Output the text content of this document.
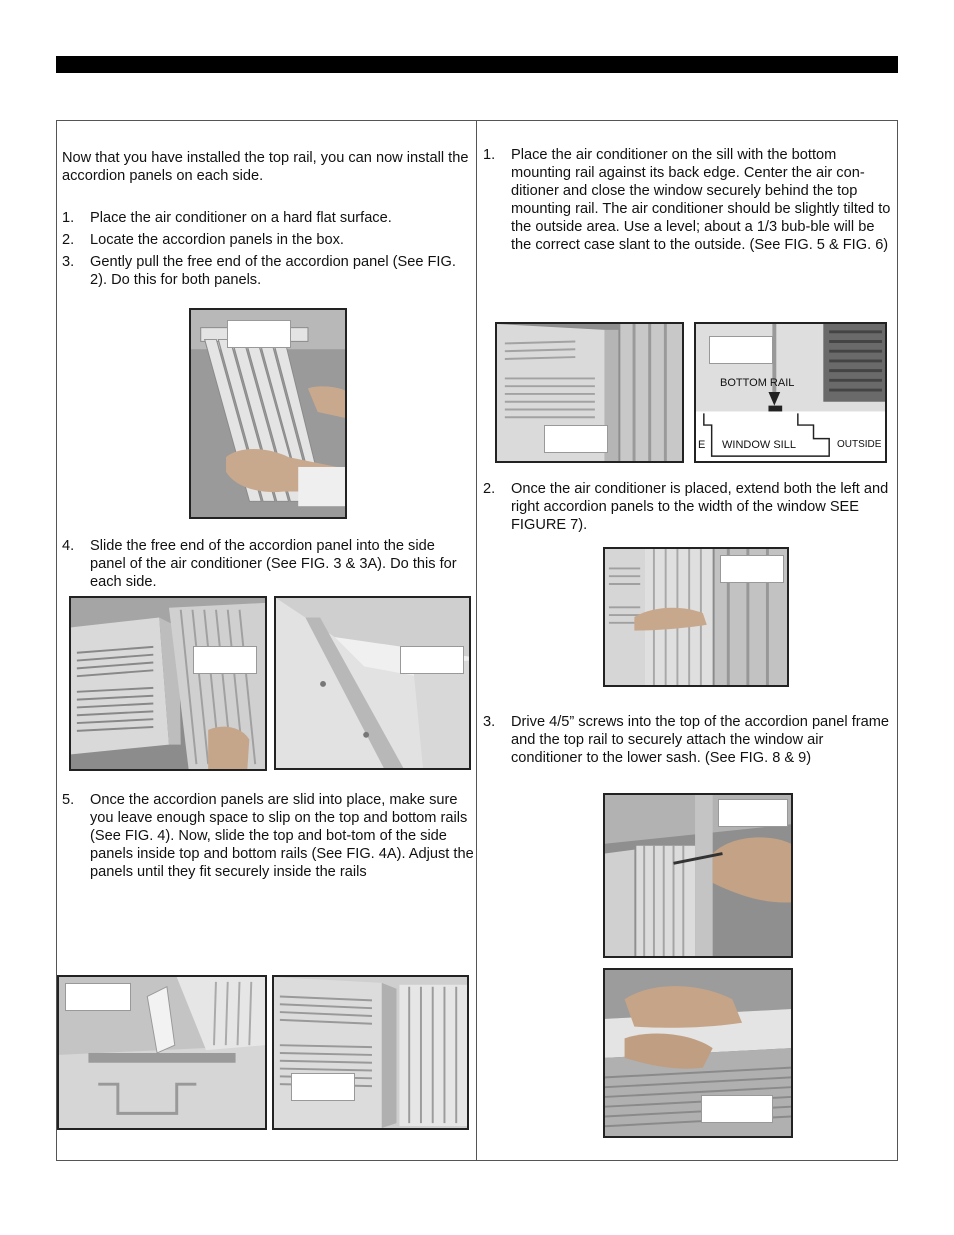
Now that you have installed the top rail, you can now install the accordion panels on each side.
1. Place the air conditioner on a hard flat surface.
2. Locate the accordion panels in the box.
3. Gently pull the free end of the accordion panel (See FIG. 2). Do this for both panels.
4. Slide the free end of the accordion panel into the side panel of the air conditioner (See FIG. 3 & 3A). Do this for each side.
5. Once the accordion panels are slid into place, make sure you leave enough space to slip on the top and bottom rails (See FIG. 4). Now, slide the top and bot-tom of the side panels inside top and bottom rails (See FIG. 4A). Adjust the panels until they fit securely inside the rails
1. Place the air conditioner on the sill with the bottom mounting rail against its back edge. Center the air con-ditioner and close the window securely behind the top mounting rail. The air conditioner should be slightly tilted to the outside area. Use a level; about a 1/3 bub-ble will be the correct case slant to the outside. (See FIG. 5 & FIG. 6)
BOTTOM RAIL
E WINDOW SILL	OUTSIDE
2. Once the air conditioner is placed, extend both the left and right accordion panels to the width of the window SEE FIGURE 7).
3. Drive 4/5” screws into the top of the accordion panel frame and the top rail to securely attach the window air conditioner to the lower sash. (See FIG. 8 & 9)
